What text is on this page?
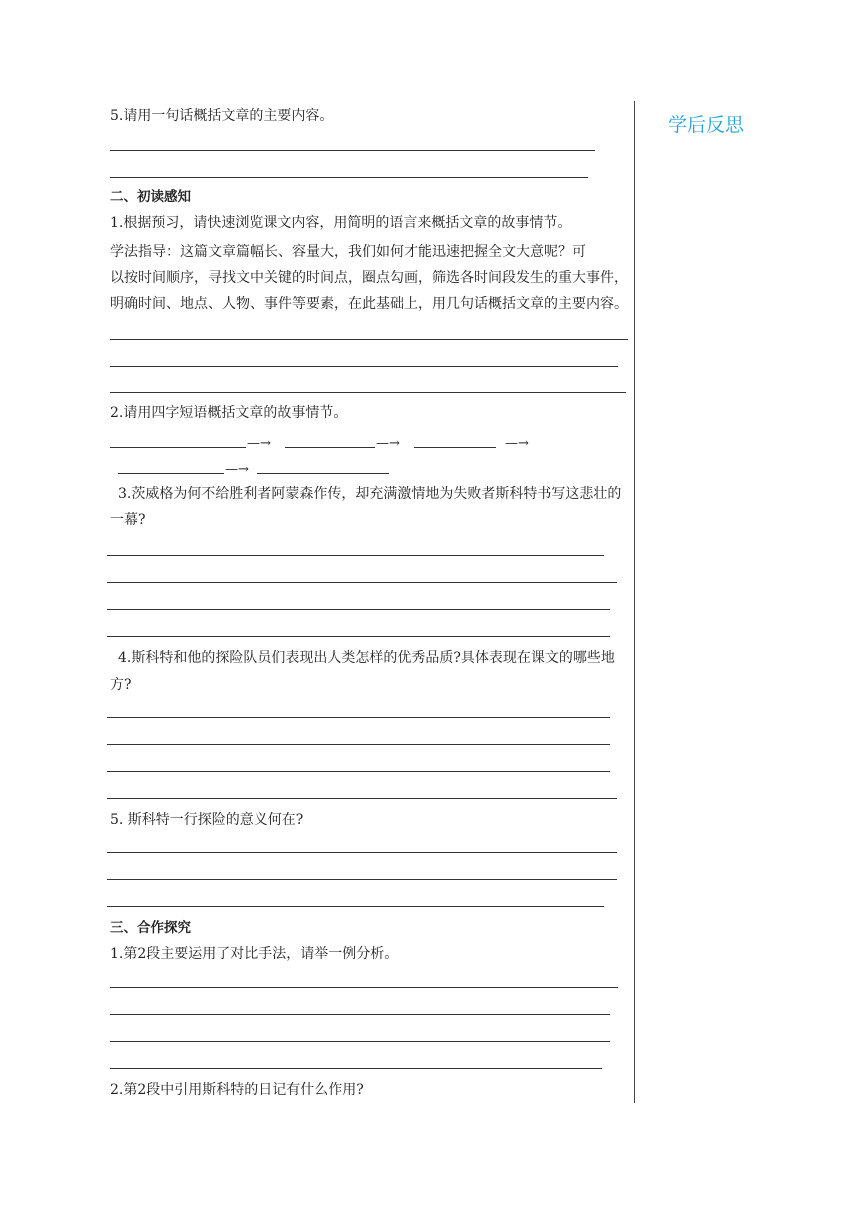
学后反思
5.请用一句话概括文章的主要内容。
二、初读感知
1.根据预习，请快速浏览课文内容，用简明的语言来概括文章的故事情节。
学法指导：这篇文章篇幅长、容量大，我们如何才能迅速把握全文大意呢？可
以按时间顺序，寻找文中关键的时间点，圈点勾画，筛选各时间段发生的重大事件，
明确时间、地点、人物、事件等要素，在此基础上，用几句话概括文章的主要内容。
2.请用四字短语概括文章的故事情节。
—→	—→	—→
—→
3.茨威格为何不给胜利者阿蒙森作传，却充满激情地为失败者斯科特书写这悲壮的
一幕?
4.斯科特和他的探险队员们表现出人类怎样的优秀品质?具体表现在课文的哪些地
方?
5. 斯科特一行探险的意义何在?
三、合作探究
1.第2段主要运用了对比手法，请举一例分析。
2.第2段中引用斯科特的日记有什么作用?
